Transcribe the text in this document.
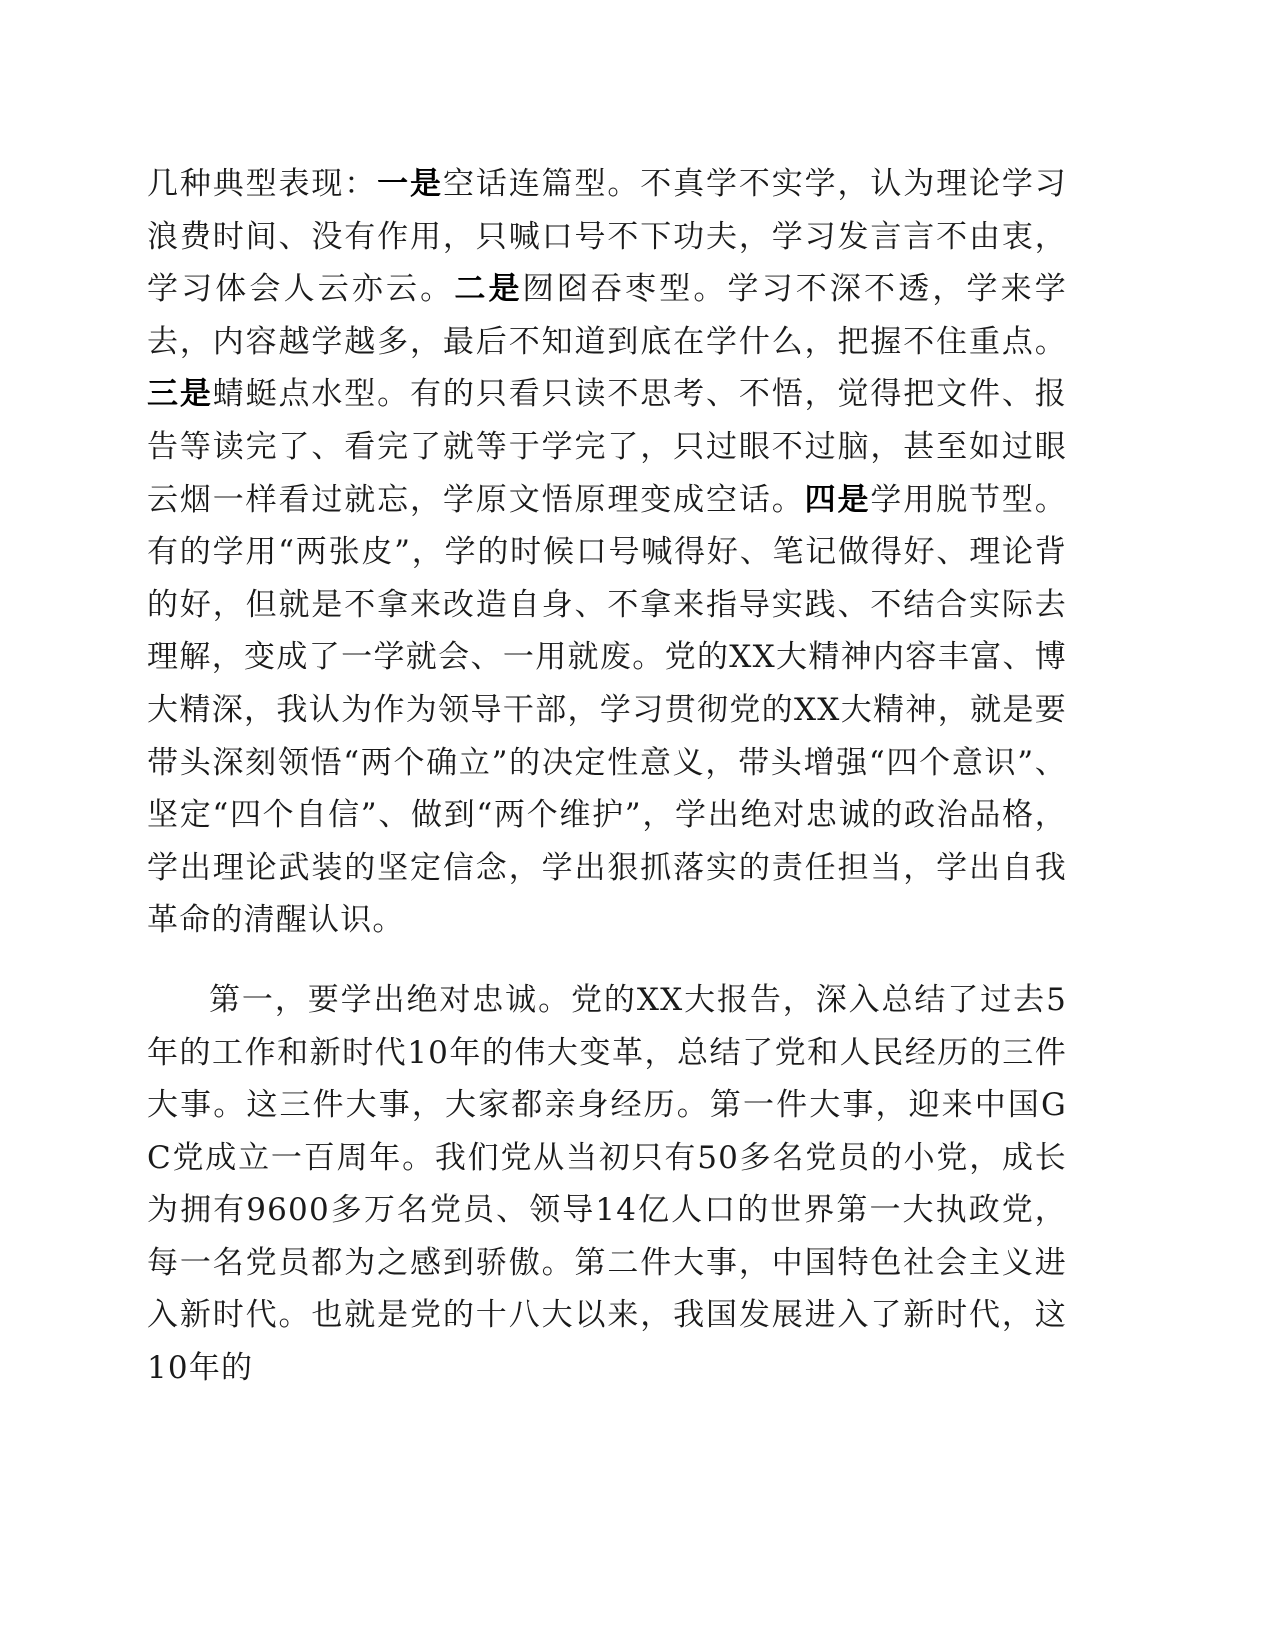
几种典型表现：一是空话连篇型。不真学不实学，认为理论学习浪费时间、没有作用，只喊口号不下功夫，学习发言言不由衷，学习体会人云亦云。二是囫囵吞枣型。学习不深不透，学来学去，内容越学越多，最后不知道到底在学什么，把握不住重点。三是蜻蜓点水型。有的只看只读不思考、不悟，觉得把文件、报告等读完了、看完了就等于学完了，只过眼不过脑，甚至如过眼云烟一样看过就忘，学原文悟原理变成空话。四是学用脱节型。有的学用“两张皮”，学的时候口号喊得好、笔记做得好、理论背的好，但就是不拿来改造自身、不拿来指导实践、不结合实际去理解，变成了一学就会、一用就废。党的XX大精神内容丰富、博大精深，我认为作为领导干部，学习贯彻党的XX大精神，就是要带头深刻领悟“两个确立”的决定性意义，带头增强“四个意识”、坚定“四个自信”、做到“两个维护”，学出绝对忠诚的政治品格，学出理论武装的坚定信念，学出狠抓落实的责任担当，学出自我革命的清醒认识。

第一，要学出绝对忠诚。党的XX大报告，深入总结了过去5年的工作和新时代10年的伟大变革，总结了党和人民经历的三件大事。这三件大事，大家都亲身经历。第一件大事，迎来中国GC党成立一百周年。我们党从当初只有50多名党员的小党，成长为拥有9600多万名党员、领导14亿人口的世界第一大执政党，每一名党员都为之感到骄傲。第二件大事，中国特色社会主义进入新时代。也就是党的十八大以来，我国发展进入了新时代，这10年的
